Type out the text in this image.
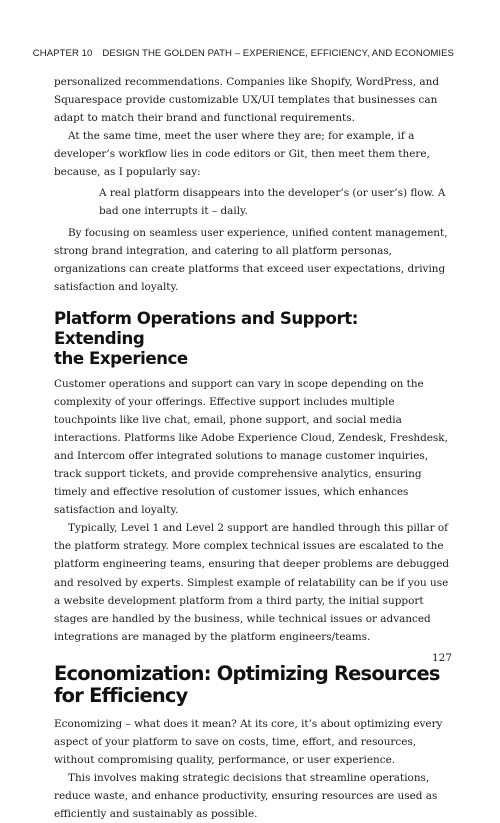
CHAPTER 10 DESIGN THE GOLDEN PATH – EXPERIENCE, EFFICIENCY, AND ECONOMIES

personalized recommendations. Companies like Shopify, WordPress, and Squarespace provide customizable UX/UI templates that businesses can adapt to match their brand and functional requirements.

At the same time, meet the user where they are; for example, if a developer’s workflow lies in code editors or Git, then meet them there, because, as I popularly say:

A real platform disappears into the developer’s (or user’s) flow. A
bad one interrupts it – daily.

By focusing on seamless user experience, unified content management, strong brand integration, and catering to all platform personas, organizations can create platforms that exceed user expectations, driving satisfaction and loyalty.

Platform Operations and Support: Extending
the Experience

Customer operations and support can vary in scope depending on the complexity of your offerings. Effective support includes multiple touchpoints like live chat, email, phone support, and social media interactions. Platforms like Adobe Experience Cloud, Zendesk, Freshdesk, and Intercom offer integrated solutions to manage customer inquiries, track support tickets, and provide comprehensive analytics, ensuring timely and effective resolution of customer issues, which enhances satisfaction and loyalty.

Typically, Level 1 and Level 2 support are handled through this pillar of the platform strategy. More complex technical issues are escalated to the platform engineering teams, ensuring that deeper problems are debugged and resolved by experts. Simplest example of relatability can be if you use a website development platform from a third party, the initial support stages are handled by the business, while technical issues or advanced integrations are managed by the platform engineers/teams.

Economization: Optimizing Resources for Efficiency

Economizing – what does it mean? At its core, it’s about optimizing every aspect of your platform to save on costs, time, effort, and resources, without compromising quality, performance, or user experience.

This involves making strategic decisions that streamline operations, reduce waste, and enhance productivity, ensuring resources are used as efficiently and sustainably as possible.

127
